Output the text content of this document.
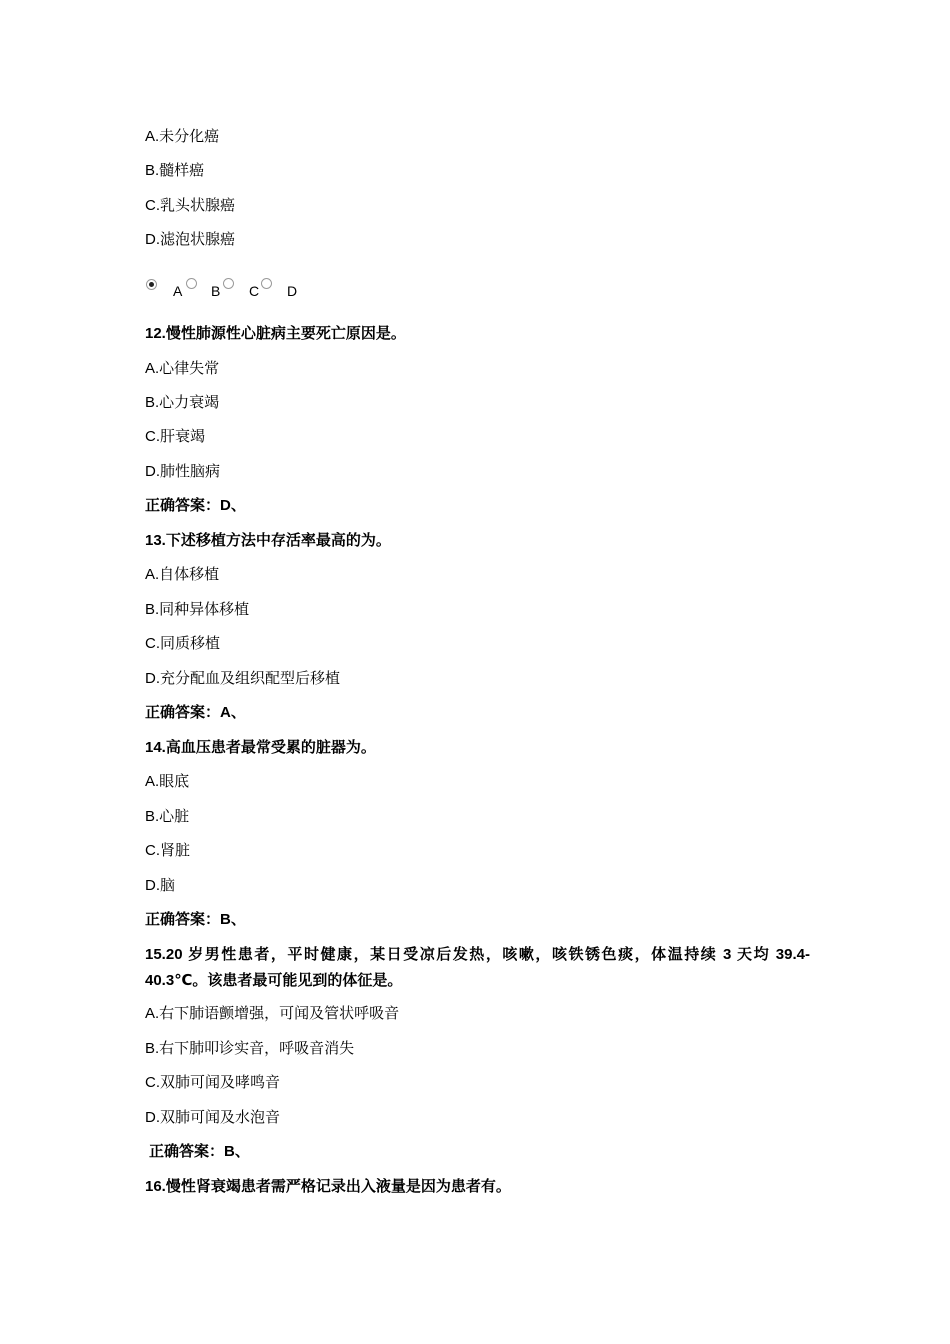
A.未分化癌
B.髓样癌
C.乳头状腺癌
D.滤泡状腺癌
A B C D
12.慢性肺源性心脏病主要死亡原因是。
A.心律失常
B.心力衰竭
C.肝衰竭
D.肺性脑病
正确答案：D、
13.下述移植方法中存活率最高的为。
A.自体移植
B.同种异体移植
C.同质移植
D.充分配血及组织配型后移植
正确答案：A、
14.高血压患者最常受累的脏器为。
A.眼底
B.心脏
C.肾脏
D.脑
正确答案：B、
15.20 岁男性患者，平时健康，某日受凉后发热，咳嗽，咳铁锈色痰，体温持续 3 天均 39.4-40.3℃。该患者最可能见到的体征是。
A.右下肺语颤增强，可闻及管状呼吸音
B.右下肺叩诊实音，呼吸音消失
C.双肺可闻及哮鸣音
D.双肺可闻及水泡音
正确答案：B、
16.慢性肾衰竭患者需严格记录出入液量是因为患者有。
